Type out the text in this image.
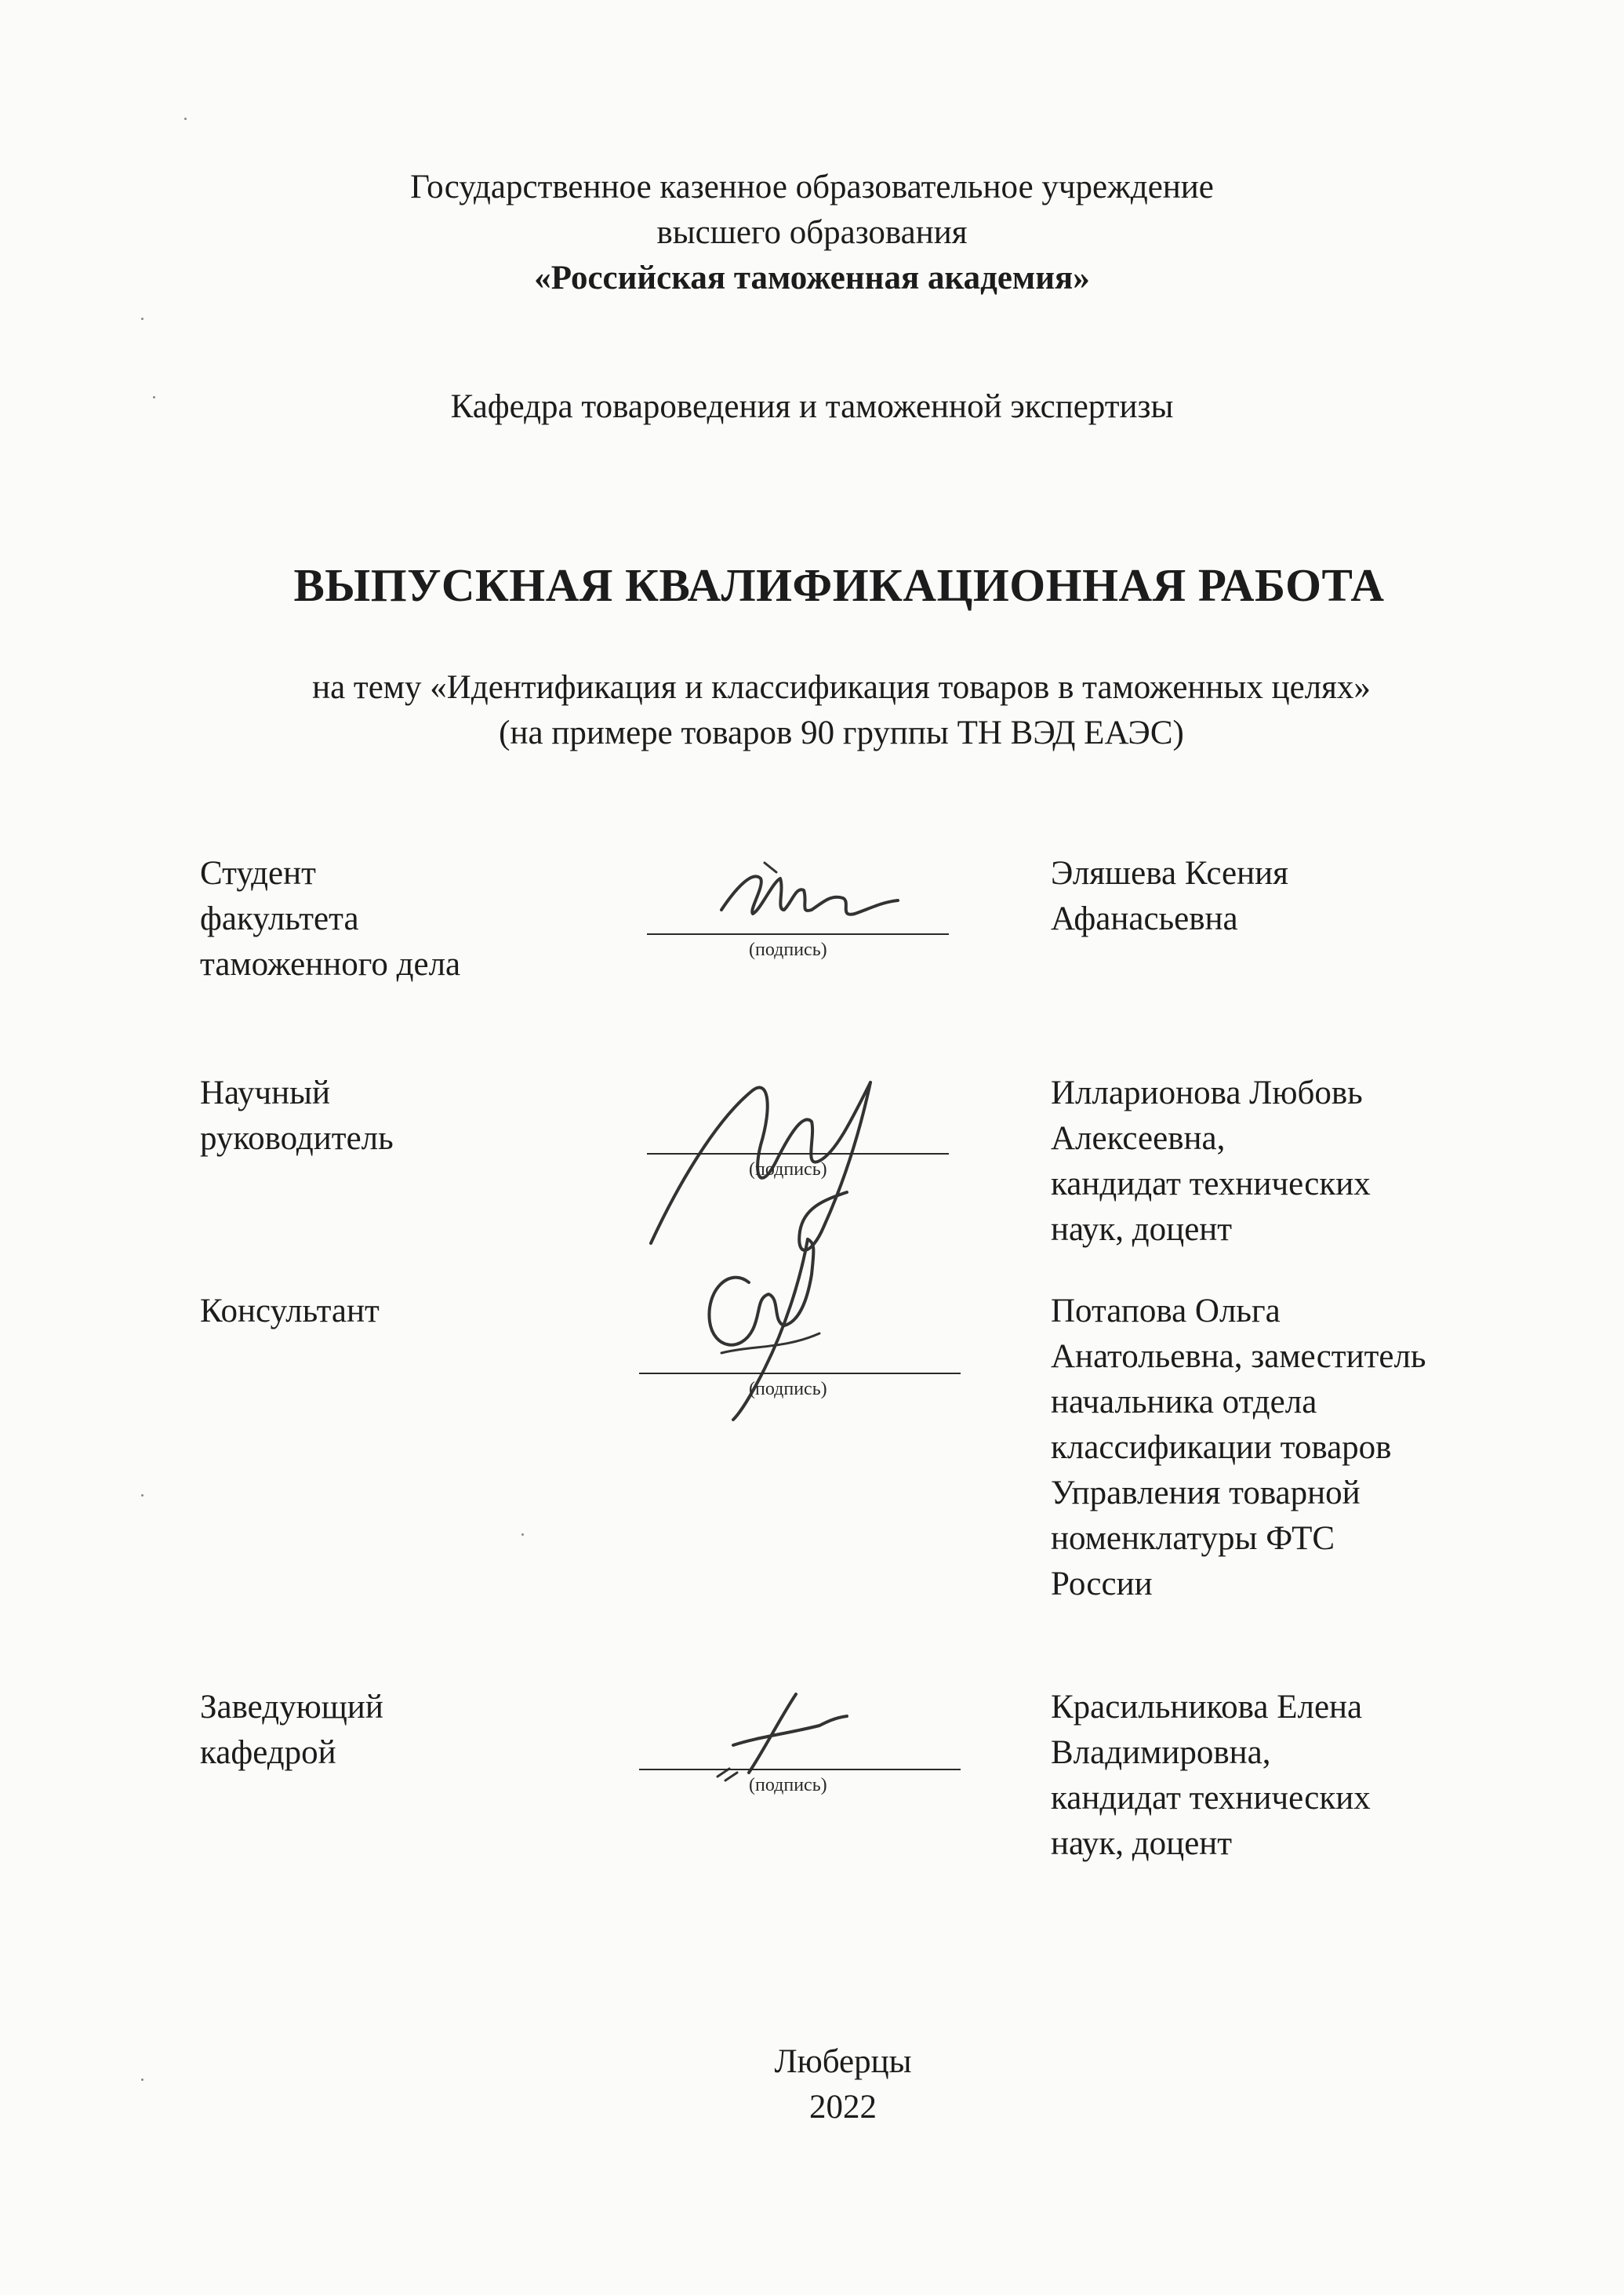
Государственное казенное образовательное учреждение
высшего образования
«Российская таможенная академия»
Кафедра товароведения и таможенной экспертизы
ВЫПУСКНАЯ КВАЛИФИКАЦИОННАЯ РАБОТА
на тему «Идентификация и классификация товаров в таможенных целях»
(на примере товаров 90 группы ТН ВЭД ЕАЭС)
Студент
факультета
таможенного дела	(подпись)
Эляшева Ксения
Афанасьевна
Научный
руководитель
(подпись)
Илларионова Любовь
Алексеевна,
кандидат технических
наук, доцент
Консультант
(подпись)
Потапова Ольга
Анатольевна, заместитель
начальника отдела
классификации товаров
Управления товарной
номенклатуры ФТС
России
Заведующий
кафедрой
(подпись)
Красильникова Елена
Владимировна,
кандидат технических
наук, доцент
Люберцы
2022
